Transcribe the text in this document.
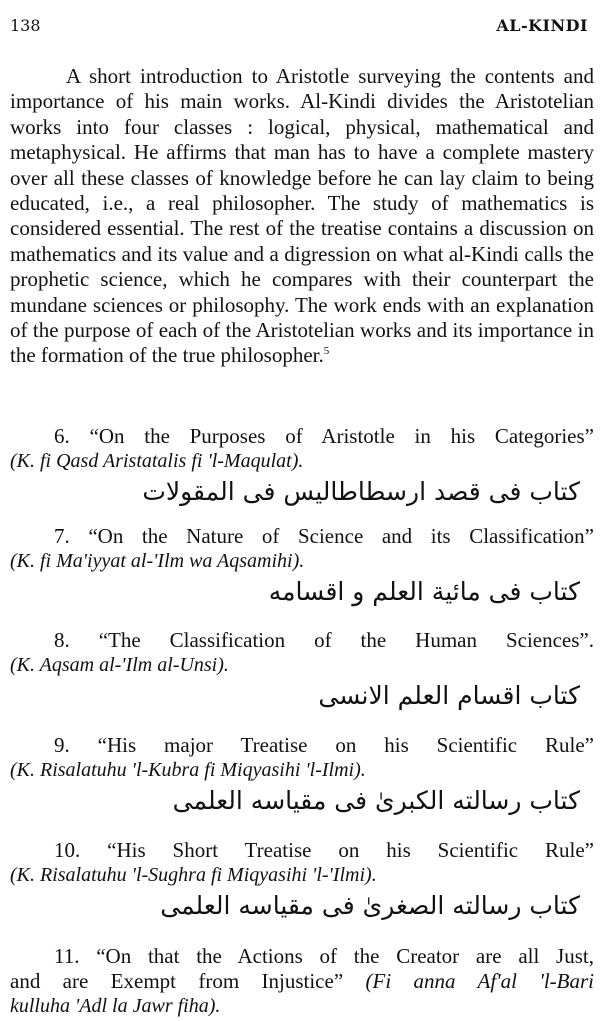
138	AL-KINDI

A short introduction to Aristotle surveying the contents and importance of his main works. Al-Kindi divides the Aristotelian works into four classes : logical, physical, mathematical and metaphysical. He affirms that man has to have a complete mastery over all these classes of knowledge before he can lay claim to being educated, i.e., a real philosopher. The study of mathematics is considered essential. The rest of the treatise contains a discussion on mathematics and its value and a digression on what al-Kindi calls the prophetic science, which he compares with their counterpart the mundane sciences or philosophy. The work ends with an explanation of the purpose of each of the Aristotelian works and its importance in the formation of the true philosopher.$^5$

6. “On the Purposes of Aristotle in his Categories”

(K. fi Qasd Aristatalis fi 'l-Maqulat).

كتاب فى قصد ارسطاطاليس فى المقولات

7. “On the Nature of Science and its Classification”

(K. fi Ma'iyyat al-'Ilm wa Aqsamihi).

كتاب فى مائية العلم و اقسامه

8. “The Classification of the Human Sciences”.

(K. Aqsam al-'Ilm al-Unsi).

كتاب اقسام العلم الانسى

9. “His major Treatise on his Scientific Rule”

(K. Risalatuhu 'l-Kubra fi Miqyasihi 'l-Ilmi).

كتاب رسالته الكبرىٰ فى مقياسه العلمى

10. “His Short Treatise on his Scientific Rule”

(K. Risalatuhu 'l-Sughra fi Miqyasihi 'l-'Ilmi).

كتاب رسالته الصغرىٰ فى مقياسه العلمى

11. “On that the Actions of the Creator are all Just,

and are Exempt from Injustice” (Fi anna Af'al 'l-Bari

kulluha 'Adl la Jawr fiha).
